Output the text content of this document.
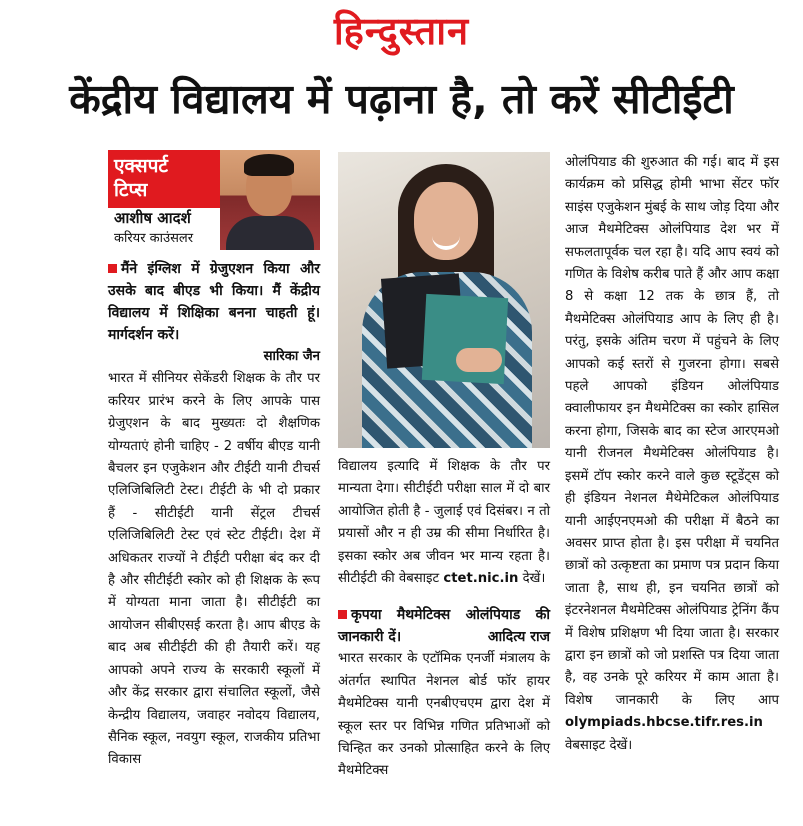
हिन्दुस्तान
केंद्रीय विद्यालय में पढ़ाना है, तो करें सीटीईटी
एक्सपर्ट
टिप्स
आशीष आदर्श
करियर काउंसलर

मैंने इंग्लिश में ग्रेजुएशन किया और उसके बाद बीएड भी किया। मैं केंद्रीय विद्यालय में शिक्षिका बनना चाहती हूं। मार्गदर्शन करें।

सारिका जैन

भारत में सीनियर सेकेंडरी शिक्षक के तौर पर करियर प्रारंभ करने के लिए आपके पास ग्रेजुएशन के बाद मुख्यतः दो शैक्षणिक योग्यताएं होनी चाहिए - 2 वर्षीय बीएड यानी बैचलर इन एजुकेशन और टीईटी यानी टीचर्स एलिजिबिलिटी टेस्ट। टीईटी के भी दो प्रकार हैं - सीटीईटी यानी सेंट्रल टीचर्स एलिजिबिलिटी टेस्ट एवं स्टेट टीईटी। देश में अधिकतर राज्यों ने टीईटी परीक्षा बंद कर दी है और सीटीईटी स्कोर को ही शिक्षक के रूप में योग्यता माना जाता है। सीटीईटी का आयोजन सीबीएसई करता है। आप बीएड के बाद अब सीटीईटी की ही तैयारी करें। यह आपको अपने राज्य के सरकारी स्कूलों में और केंद्र सरकार द्वारा संचालित स्कूलों, जैसे केन्द्रीय विद्यालय, जवाहर नवोदय विद्यालय, सैनिक स्कूल, नवयुग स्कूल, राजकीय प्रतिभा विकास

विद्यालय इत्यादि में शिक्षक के तौर पर मान्यता देगा। सीटीईटी परीक्षा साल में दो बार आयोजित होती है - जुलाई एवं दिसंबर। न तो प्रयासों और न ही उम्र की सीमा निर्धारित है। इसका स्कोर अब जीवन भर मान्य रहता है। सीटीईटी की वेबसाइट ctet.nic.in देखें।

कृपया मैथमेटिक्स ओलंपियाड की जानकारी दें।	आदित्य राज

भारत सरकार के एटॉमिक एनर्जी मंत्रालय के अंतर्गत स्थापित नेशनल बोर्ड फॉर हायर मैथमेटिक्स यानी एनबीएचएम द्वारा देश में स्कूल स्तर पर विभिन्न गणित प्रतिभाओं को चिन्हित कर उनको प्रोत्साहित करने के लिए मैथमेटिक्स

ओलंपियाड की शुरुआत की गई। बाद में इस कार्यक्रम को प्रसिद्ध होमी भाभा सेंटर फॉर साइंस एजुकेशन मुंबई के साथ जोड़ दिया और आज मैथमेटिक्स ओलंपियाड देश भर में सफलतापूर्वक चल रहा है। यदि आप स्वयं को गणित के विशेष करीब पाते हैं और आप कक्षा 8 से कक्षा 12 तक के छात्र हैं, तो मैथमेटिक्स ओलंपियाड आप के लिए ही है। परंतु, इसके अंतिम चरण में पहुंचने के लिए आपको कई स्तरों से गुजरना होगा। सबसे पहले आपको इंडियन ओलंपियाड क्वालीफायर इन मैथमेटिक्स का स्कोर हासिल करना होगा, जिसके बाद का स्टेज आरएमओ यानी रीजनल मैथमेटिक्स ओलंपियाड है। इसमें टॉप स्कोर करने वाले कुछ स्टूडेंट्स को ही इंडियन नेशनल मैथेमेटिकल ओलंपियाड यानी आईएनएमओ की परीक्षा में बैठने का अवसर प्राप्त होता है। इस परीक्षा में चयनित छात्रों को उत्कृष्टता का प्रमाण पत्र प्रदान किया जाता है, साथ ही, इन चयनित छात्रों को इंटरनेशनल मैथमेटिक्स ओलंपियाड ट्रेनिंग कैंप में विशेष प्रशिक्षण भी दिया जाता है। सरकार द्वारा इन छात्रों को जो प्रशस्ति पत्र दिया जाता है, वह उनके पूरे करियर में काम आता है। विशेष जानकारी के लिए आप olympiads.hbcse.tifr.res.in वेबसाइट देखें।
